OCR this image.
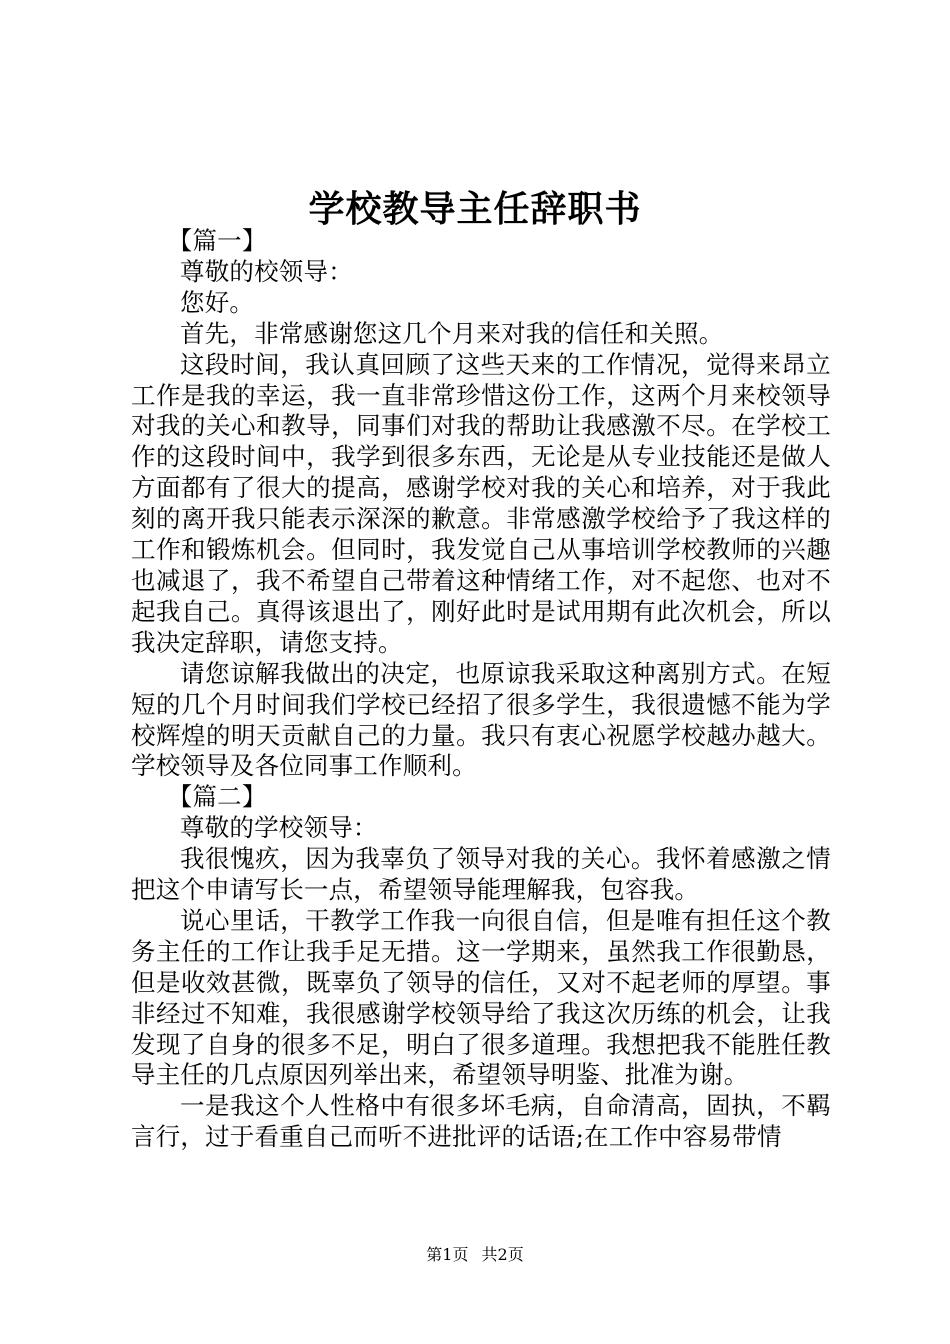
学校教导主任辞职书

【篇一】

尊敬的校领导：

您好。

首先，非常感谢您这几个月来对我的信任和关照。

这段时间，我认真回顾了这些天来的工作情况，觉得来昂立工作是我的幸运，我一直非常珍惜这份工作，这两个月来校领导对我的关心和教导，同事们对我的帮助让我感激不尽。在学校工作的这段时间中，我学到很多东西，无论是从专业技能还是做人方面都有了很大的提高，感谢学校对我的关心和培养，对于我此刻的离开我只能表示深深的歉意。非常感激学校给予了我这样的工作和锻炼机会。但同时，我发觉自己从事培训学校教师的兴趣也减退了，我不希望自己带着这种情绪工作，对不起您、也对不起我自己。真得该退出了，刚好此时是试用期有此次机会，所以我决定辞职，请您支持。

请您谅解我做出的决定，也原谅我采取这种离别方式。在短短的几个月时间我们学校已经招了很多学生，我很遗憾不能为学校辉煌的明天贡献自己的力量。我只有衷心祝愿学校越办越大。学校领导及各位同事工作顺利。

【篇二】

尊敬的学校领导：

我很愧疚，因为我辜负了领导对我的关心。我怀着感激之情把这个申请写长一点，希望领导能理解我，包容我。

说心里话，干教学工作我一向很自信，但是唯有担任这个教务主任的工作让我手足无措。这一学期来，虽然我工作很勤恳，但是收效甚微，既辜负了领导的信任，又对不起老师的厚望。事非经过不知难，我很感谢学校领导给了我这次历练的机会，让我发现了自身的很多不足，明白了很多道理。我想把我不能胜任教导主任的几点原因列举出来，希望领导明鉴、批准为谢。

一是我这个人性格中有很多坏毛病，自命清高，固执，不羁言行，过于看重自己而听不进批评的话语;在工作中容易带情

第1页 共2页
